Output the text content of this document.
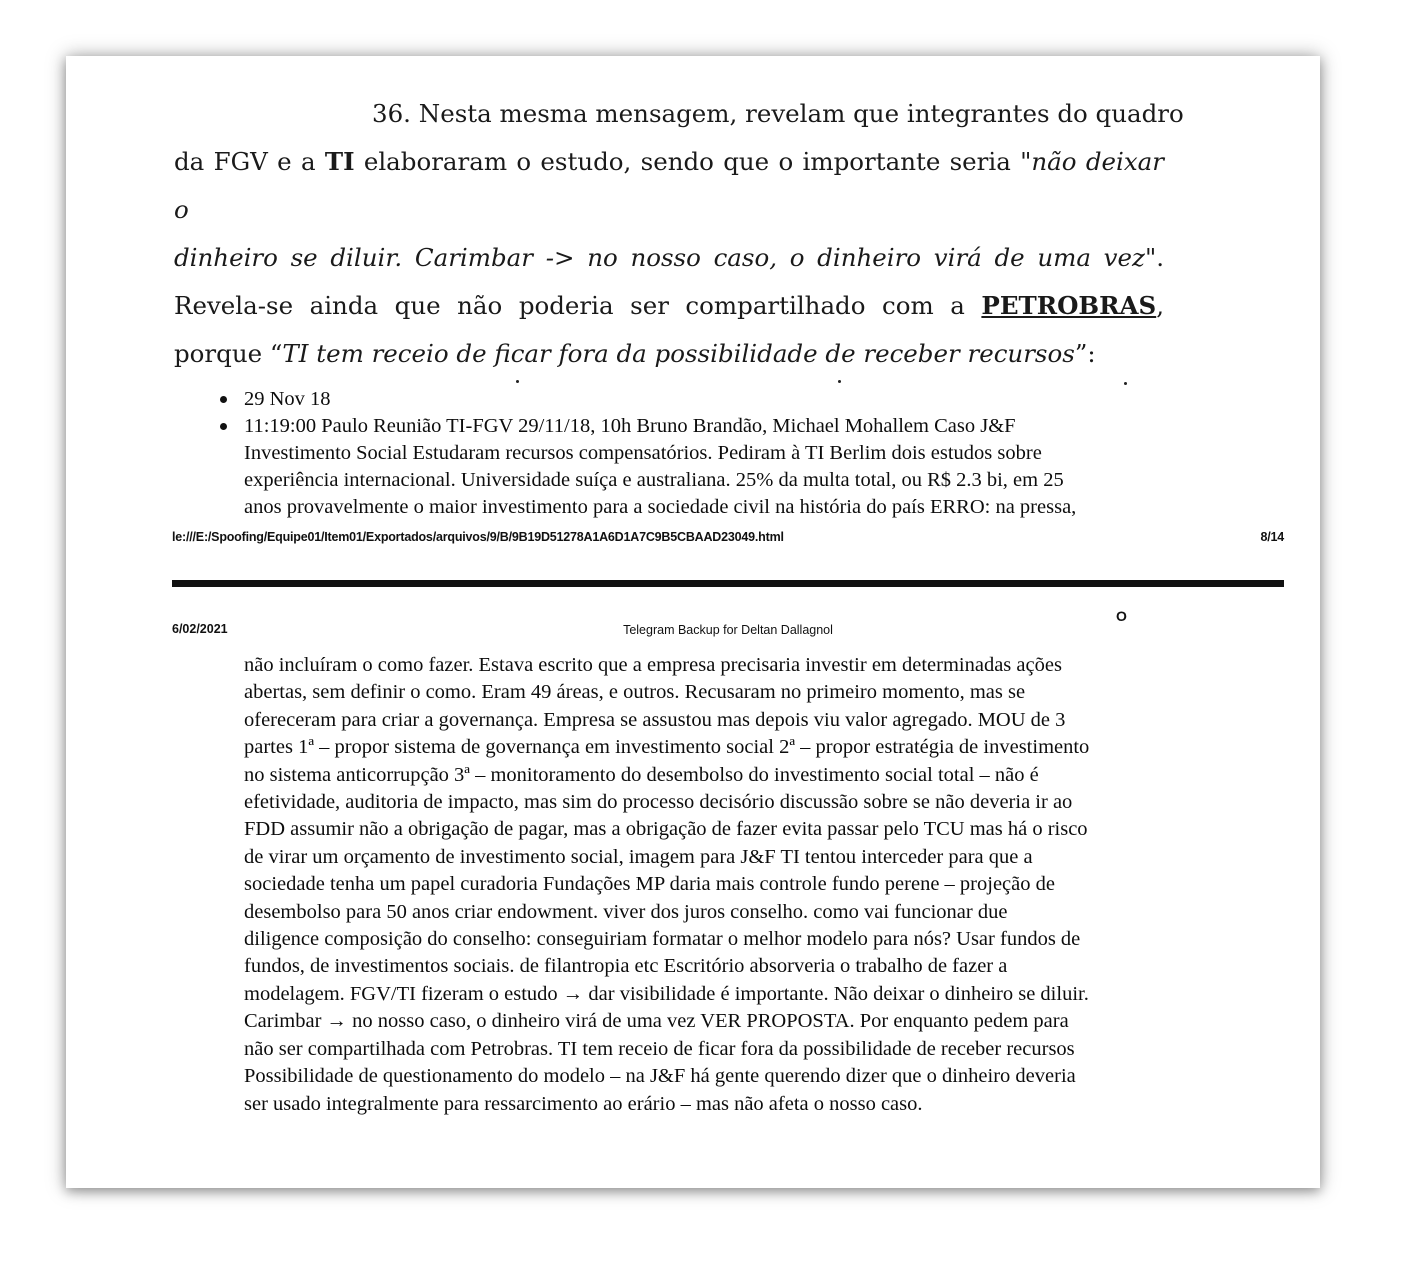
36. Nesta mesma mensagem, revelam que integrantes do quadro
da FGV e a TI elaboraram o estudo, sendo que o importante seria "não deixar o
dinheiro se diluir. Carimbar -> no nosso caso, o dinheiro virá de uma vez".
Revela-se ainda que não poderia ser compartilhado com a PETROBRAS,
porque “TI tem receio de ficar fora da possibilidade de receber recursos”:
29 Nov 18
11:19:00 Paulo Reunião TI-FGV 29/11/18, 10h Bruno Brandão, Michael Mohallem Caso J&F
Investimento Social Estudaram recursos compensatórios. Pediram à TI Berlim dois estudos sobre
experiência internacional. Universidade suíça e australiana. 25% da multa total, ou R$ 2.3 bi, em 25
anos provavelmente o maior investimento para a sociedade civil na história do país ERRO: na pressa,
le:///E:/Spoofing/Equipe01/Item01/Exportados/arquivos/9/B/9B19D51278A1A6D1A7C9B5CBAAD23049.html	8/14
6/02/2021	Telegram Backup for Deltan Dallagnol
O
não incluíram o como fazer. Estava escrito que a empresa precisaria investir em determinadas ações
abertas, sem definir o como. Eram 49 áreas, e outros. Recusaram no primeiro momento, mas se
ofereceram para criar a governança. Empresa se assustou mas depois viu valor agregado. MOU de 3
partes 1ª – propor sistema de governança em investimento social 2ª – propor estratégia de investimento
no sistema anticorrupção 3ª – monitoramento do desembolso do investimento social total – não é
efetividade, auditoria de impacto, mas sim do processo decisório discussão sobre se não deveria ir ao
FDD assumir não a obrigação de pagar, mas a obrigação de fazer evita passar pelo TCU mas há o risco
de virar um orçamento de investimento social, imagem para J&F TI tentou interceder para que a
sociedade tenha um papel curadoria Fundações MP daria mais controle fundo perene – projeção de
desembolso para 50 anos criar endowment. viver dos juros conselho. como vai funcionar due
diligence composição do conselho: conseguiriam formatar o melhor modelo para nós? Usar fundos de
fundos, de investimentos sociais. de filantropia etc Escritório absorveria o trabalho de fazer a
modelagem. FGV/TI fizeram o estudo → dar visibilidade é importante. Não deixar o dinheiro se diluir.
Carimbar → no nosso caso, o dinheiro virá de uma vez VER PROPOSTA. Por enquanto pedem para
não ser compartilhada com Petrobras. TI tem receio de ficar fora da possibilidade de receber recursos
Possibilidade de questionamento do modelo – na J&F há gente querendo dizer que o dinheiro deveria
ser usado integralmente para ressarcimento ao erário – mas não afeta o nosso caso.
